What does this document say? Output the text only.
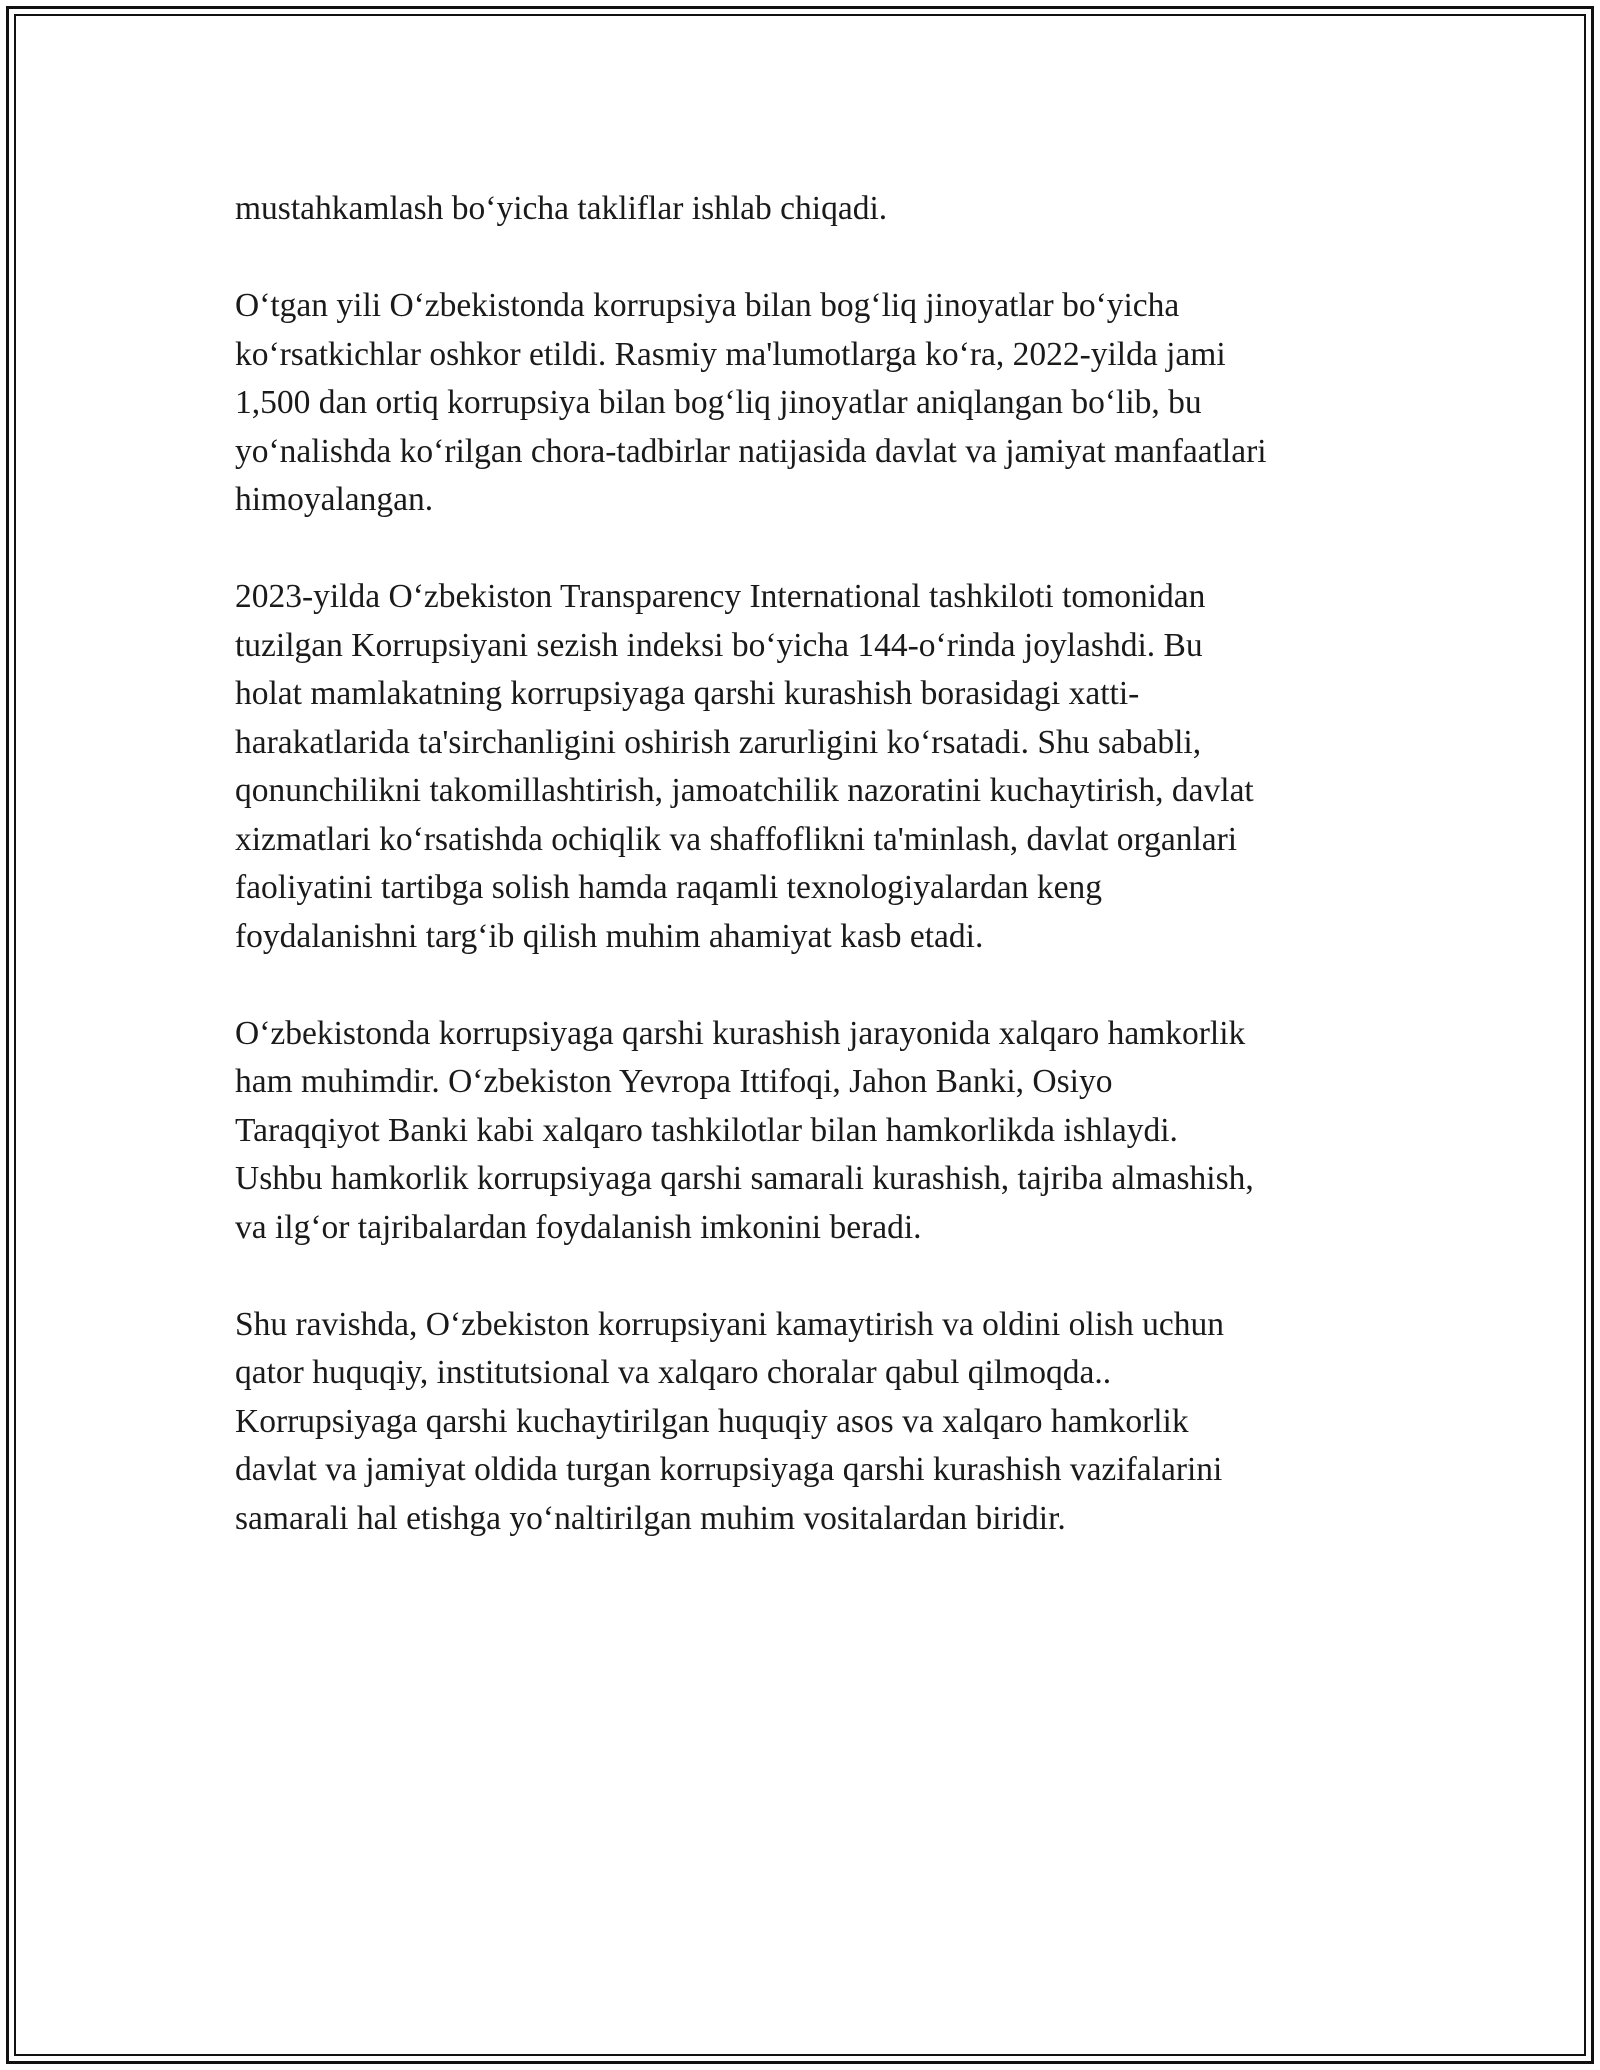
mustahkamlash bo‘yicha takliflar ishlab chiqadi.

O‘tgan yili O‘zbekistonda korrupsiya bilan bog‘liq jinoyatlar bo‘yicha
ko‘rsatkichlar oshkor etildi. Rasmiy ma'lumotlarga ko‘ra, 2022-yilda jami
1,500 dan ortiq korrupsiya bilan bog‘liq jinoyatlar aniqlangan bo‘lib, bu
yo‘nalishda ko‘rilgan chora-tadbirlar natijasida davlat va jamiyat manfaatlari
himoyalangan.

2023-yilda O‘zbekiston Transparency International tashkiloti tomonidan
tuzilgan Korrupsiyani sezish indeksi bo‘yicha 144-o‘rinda joylashdi. Bu
holat mamlakatning korrupsiyaga qarshi kurashish borasidagi xatti-
harakatlarida ta'sirchanligini oshirish zarurligini ko‘rsatadi. Shu sababli,
qonunchilikni takomillashtirish, jamoatchilik nazoratini kuchaytirish, davlat
xizmatlari ko‘rsatishda ochiqlik va shaffoflikni ta'minlash, davlat organlari
faoliyatini tartibga solish hamda raqamli texnologiyalardan keng
foydalanishni targ‘ib qilish muhim ahamiyat kasb etadi.

O‘zbekistonda korrupsiyaga qarshi kurashish jarayonida xalqaro hamkorlik
ham muhimdir. O‘zbekiston Yevropa Ittifoqi, Jahon Banki, Osiyo
Taraqqiyot Banki kabi xalqaro tashkilotlar bilan hamkorlikda ishlaydi.
Ushbu hamkorlik korrupsiyaga qarshi samarali kurashish, tajriba almashish,
va ilg‘or tajribalardan foydalanish imkonini beradi.

Shu ravishda, O‘zbekiston korrupsiyani kamaytirish va oldini olish uchun
qator huquqiy, institutsional va xalqaro choralar qabul qilmoqda..
Korrupsiyaga qarshi kuchaytirilgan huquqiy asos va xalqaro hamkorlik
davlat va jamiyat oldida turgan korrupsiyaga qarshi kurashish vazifalarini
samarali hal etishga yo‘naltirilgan muhim vositalardan biridir.
